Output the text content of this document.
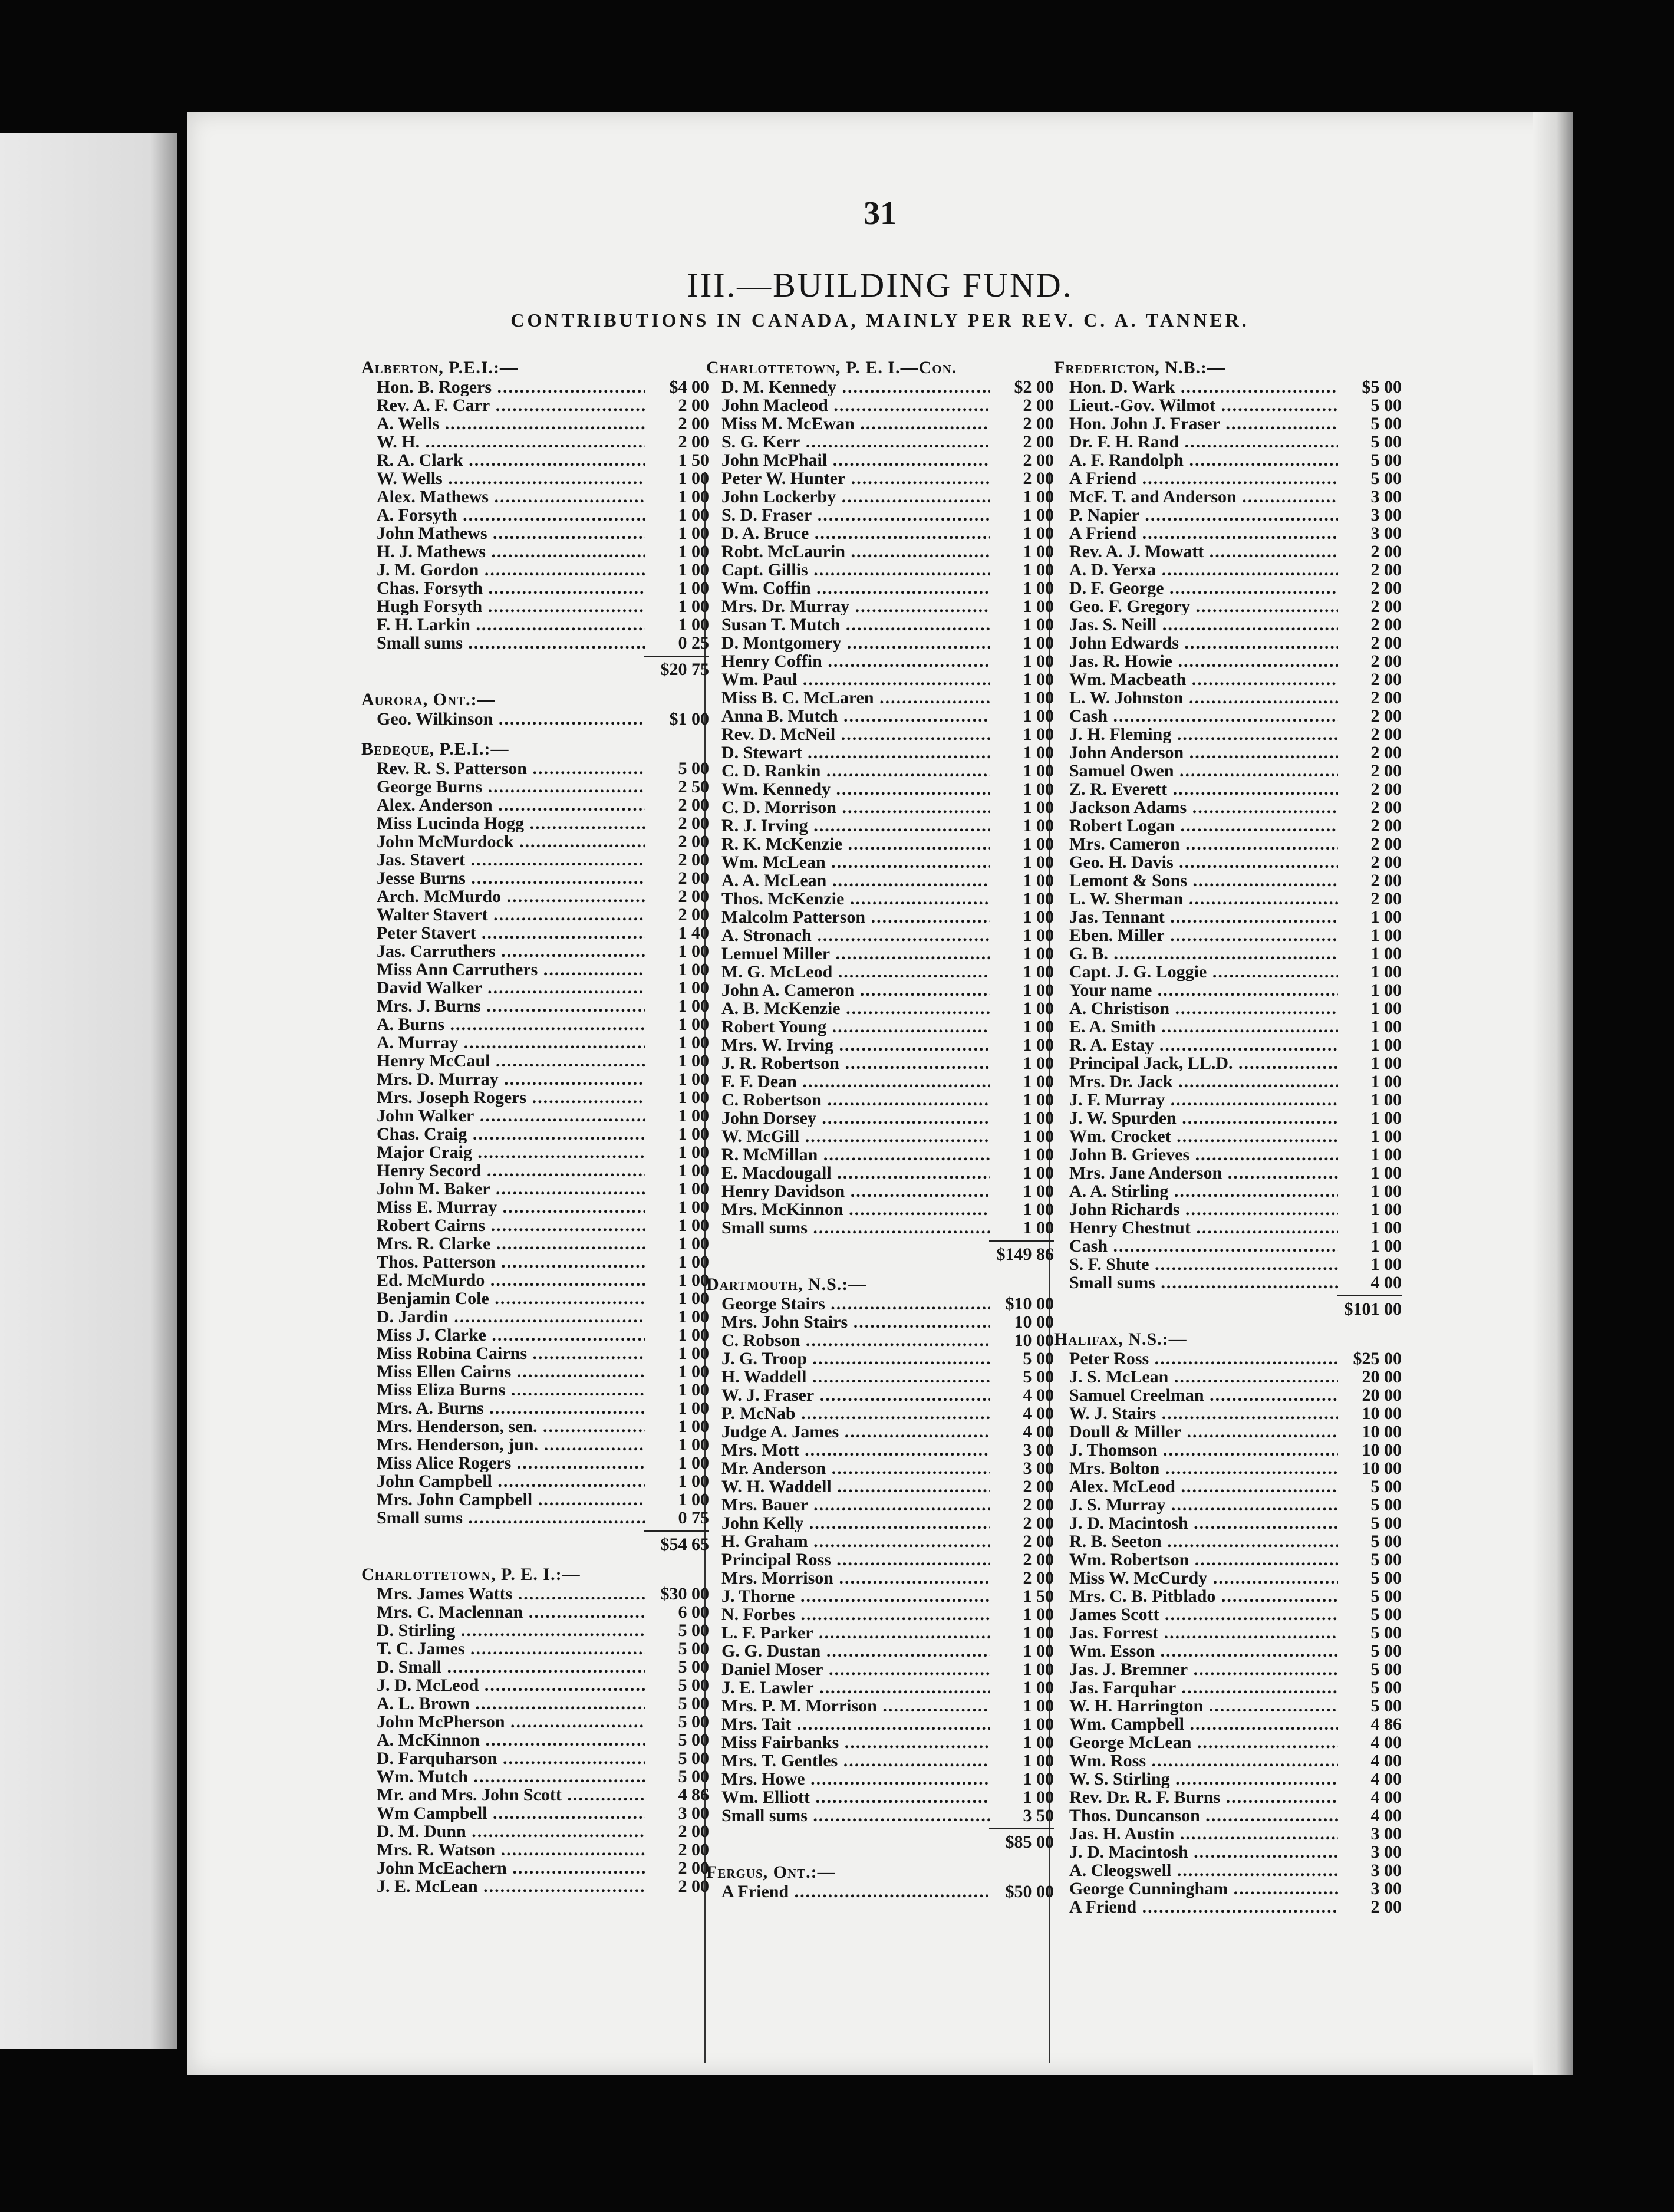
31
III.—BUILDING FUND.
CONTRIBUTIONS IN CANADA, MAINLY PER REV. C. A. TANNER.
Alberton, P.E.I.:—
Hon. B. Rogers .....	$4 00
Rev. A. F. Carr .....	2 00
A. Wells .....	2 00
W. H. .....	2 00
R. A. Clark .....	1 50
W. Wells .....	1 00
Alex. Mathews .....	1 00
A. Forsyth .....	1 00
John Mathews .....	1 00
H. J. Mathews .....	1 00
J. M. Gordon .....	1 00
Chas. Forsyth .....	1 00
Hugh Forsyth .....	1 00
F. H. Larkin .....	1 00
Small sums .....	0 25
$20 75
Aurora, Ont.:—
Geo. Wilkinson .....	$1 00
Bedeque, P.E.I.:—
Rev. R. S. Patterson .....	5 00
George Burns .....	2 50
Alex. Anderson .....	2 00
Miss Lucinda Hogg .....	2 00
John McMurdock .....	2 00
Jas. Stavert .....	2 00
Jesse Burns .....	2 00
Arch. McMurdo .....	2 00
Walter Stavert .....	2 00
Peter Stavert .....	1 40
Jas. Carruthers .....	1 00
Miss Ann Carruthers .....	1 00
David Walker .....	1 00
Mrs. J. Burns .....	1 00
A. Burns .....	1 00
A. Murray .....	1 00
Henry McCaul .....	1 00
Mrs. D. Murray .....	1 00
Mrs. Joseph Rogers .....	1 00
John Walker .....	1 00
Chas. Craig .....	1 00
Major Craig .....	1 00
Henry Secord .....	1 00
John M. Baker .....	1 00
Miss E. Murray .....	1 00
Robert Cairns .....	1 00
Mrs. R. Clarke .....	1 00
Thos. Patterson .....	1 00
Ed. McMurdo .....	1 00
Benjamin Cole .....	1 00
D. Jardin .....	1 00
Miss J. Clarke .....	1 00
Miss Robina Cairns .....	1 00
Miss Ellen Cairns .....	1 00
Miss Eliza Burns .....	1 00
Mrs. A. Burns .....	1 00
Mrs. Henderson, sen. .....	1 00
Mrs. Henderson, jun. .....	1 00
Miss Alice Rogers .....	1 00
John Campbell .....	1 00
Mrs. John Campbell .....	1 00
Small sums .....	0 75
$54 65
Charlottetown, P. E. I.:—
Mrs. James Watts .....	$30 00
Mrs. C. Maclennan .....	6 00
D. Stirling .....	5 00
T. C. James .....	5 00
D. Small .....	5 00
J. D. McLeod .....	5 00
A. L. Brown .....	5 00
John McPherson .....	5 00
A. McKinnon .....	5 00
D. Farquharson .....	5 00
Wm. Mutch .....	5 00
Mr. and Mrs. John Scott .....	4 86
Wm Campbell .....	3 00
D. M. Dunn .....	2 00
Mrs. R. Watson .....	2 00
John McEachern .....	2 00
J. E. McLean .....	2 00
Charlottetown, P. E. I.—Con.
D. M. Kennedy .....	$2 00
John Macleod .....	2 00
Miss M. McEwan .....	2 00
S. G. Kerr .....	2 00
John McPhail .....	2 00
Peter W. Hunter .....	2 00
John Lockerby .....	1 00
S. D. Fraser .....	1 00
D. A. Bruce .....	1 00
Robt. McLaurin .....	1 00
Capt. Gillis .....	1 00
Wm. Coffin .....	1 00
Mrs. Dr. Murray .....	1 00
Susan T. Mutch .....	1 00
D. Montgomery .....	1 00
Henry Coffin .....	1 00
Wm. Paul .....	1 00
Miss B. C. McLaren .....	1 00
Anna B. Mutch .....	1 00
Rev. D. McNeil .....	1 00
D. Stewart .....	1 00
C. D. Rankin .....	1 00
Wm. Kennedy .....	1 00
C. D. Morrison .....	1 00
R. J. Irving .....	1 00
R. K. McKenzie .....	1 00
Wm. McLean .....	1 00
A. A. McLean .....	1 00
Thos. McKenzie .....	1 00
Malcolm Patterson .....	1 00
A. Stronach .....	1 00
Lemuel Miller .....	1 00
M. G. McLeod .....	1 00
John A. Cameron .....	1 00
A. B. McKenzie .....	1 00
Robert Young .....	1 00
Mrs. W. Irving .....	1 00
J. R. Robertson .....	1 00
F. F. Dean .....	1 00
C. Robertson .....	1 00
John Dorsey .....	1 00
W. McGill .....	1 00
R. McMillan .....	1 00
E. Macdougall .....	1 00
Henry Davidson .....	1 00
Mrs. McKinnon .....	1 00
Small sums .....	1 00
$149 86
Dartmouth, N.S.:—
George Stairs .....	$10 00
Mrs. John Stairs .....	10 00
C. Robson .....	10 00
J. G. Troop .....	5 00
H. Waddell .....	5 00
W. J. Fraser .....	4 00
P. McNab .....	4 00
Judge A. James .....	4 00
Mrs. Mott .....	3 00
Mr. Anderson .....	3 00
W. H. Waddell .....	2 00
Mrs. Bauer .....	2 00
John Kelly .....	2 00
H. Graham .....	2 00
Principal Ross .....	2 00
Mrs. Morrison .....	2 00
J. Thorne .....	1 50
N. Forbes .....	1 00
L. F. Parker .....	1 00
G. G. Dustan .....	1 00
Daniel Moser .....	1 00
J. E. Lawler .....	1 00
Mrs. P. M. Morrison .....	1 00
Mrs. Tait .....	1 00
Miss Fairbanks .....	1 00
Mrs. T. Gentles .....	1 00
Mrs. Howe .....	1 00
Wm. Elliott .....	1 00
Small sums .....	3 50
$85 00
Fergus, Ont.:—
A Friend .....	$50 00
Fredericton, N.B.:—
Hon. D. Wark .....	$5 00
Lieut.-Gov. Wilmot .....	5 00
Hon. John J. Fraser .....	5 00
Dr. F. H. Rand .....	5 00
A. F. Randolph .....	5 00
A Friend .....	5 00
McF. T. and Anderson .....	3 00
P. Napier .....	3 00
A Friend .....	3 00
Rev. A. J. Mowatt .....	2 00
A. D. Yerxa .....	2 00
D. F. George .....	2 00
Geo. F. Gregory .....	2 00
Jas. S. Neill .....	2 00
John Edwards .....	2 00
Jas. R. Howie .....	2 00
Wm. Macbeath .....	2 00
L. W. Johnston .....	2 00
Cash .....	2 00
J. H. Fleming .....	2 00
John Anderson .....	2 00
Samuel Owen .....	2 00
Z. R. Everett .....	2 00
Jackson Adams .....	2 00
Robert Logan .....	2 00
Mrs. Cameron .....	2 00
Geo. H. Davis .....	2 00
Lemont & Sons .....	2 00
L. W. Sherman .....	2 00
Jas. Tennant .....	1 00
Eben. Miller .....	1 00
G. B. .....	1 00
Capt. J. G. Loggie .....	1 00
Your name .....	1 00
A. Christison .....	1 00
E. A. Smith .....	1 00
R. A. Estay .....	1 00
Principal Jack, LL.D. .....	1 00
Mrs. Dr. Jack .....	1 00
J. F. Murray .....	1 00
J. W. Spurden .....	1 00
Wm. Crocket .....	1 00
John B. Grieves .....	1 00
Mrs. Jane Anderson .....	1 00
A. A. Stirling .....	1 00
John Richards .....	1 00
Henry Chestnut .....	1 00
Cash .....	1 00
S. F. Shute .....	1 00
Small sums .....	4 00
$101 00
Halifax, N.S.:—
Peter Ross .....	$25 00
J. S. McLean .....	20 00
Samuel Creelman .....	20 00
W. J. Stairs .....	10 00
Doull & Miller .....	10 00
J. Thomson .....	10 00
Mrs. Bolton .....	10 00
Alex. McLeod .....	5 00
J. S. Murray .....	5 00
J. D. Macintosh .....	5 00
R. B. Seeton .....	5 00
Wm. Robertson .....	5 00
Miss W. McCurdy .....	5 00
Mrs. C. B. Pitblado .....	5 00
James Scott .....	5 00
Jas. Forrest .....	5 00
Wm. Esson .....	5 00
Jas. J. Bremner .....	5 00
Jas. Farquhar .....	5 00
W. H. Harrington .....	5 00
Wm. Campbell .....	4 86
George McLean .....	4 00
Wm. Ross .....	4 00
W. S. Stirling .....	4 00
Rev. Dr. R. F. Burns .....	4 00
Thos. Duncanson .....	4 00
Jas. H. Austin .....	3 00
J. D. Macintosh .....	3 00
A. Cleogswell .....	3 00
George Cunningham .....	3 00
A Friend .....	2 00
